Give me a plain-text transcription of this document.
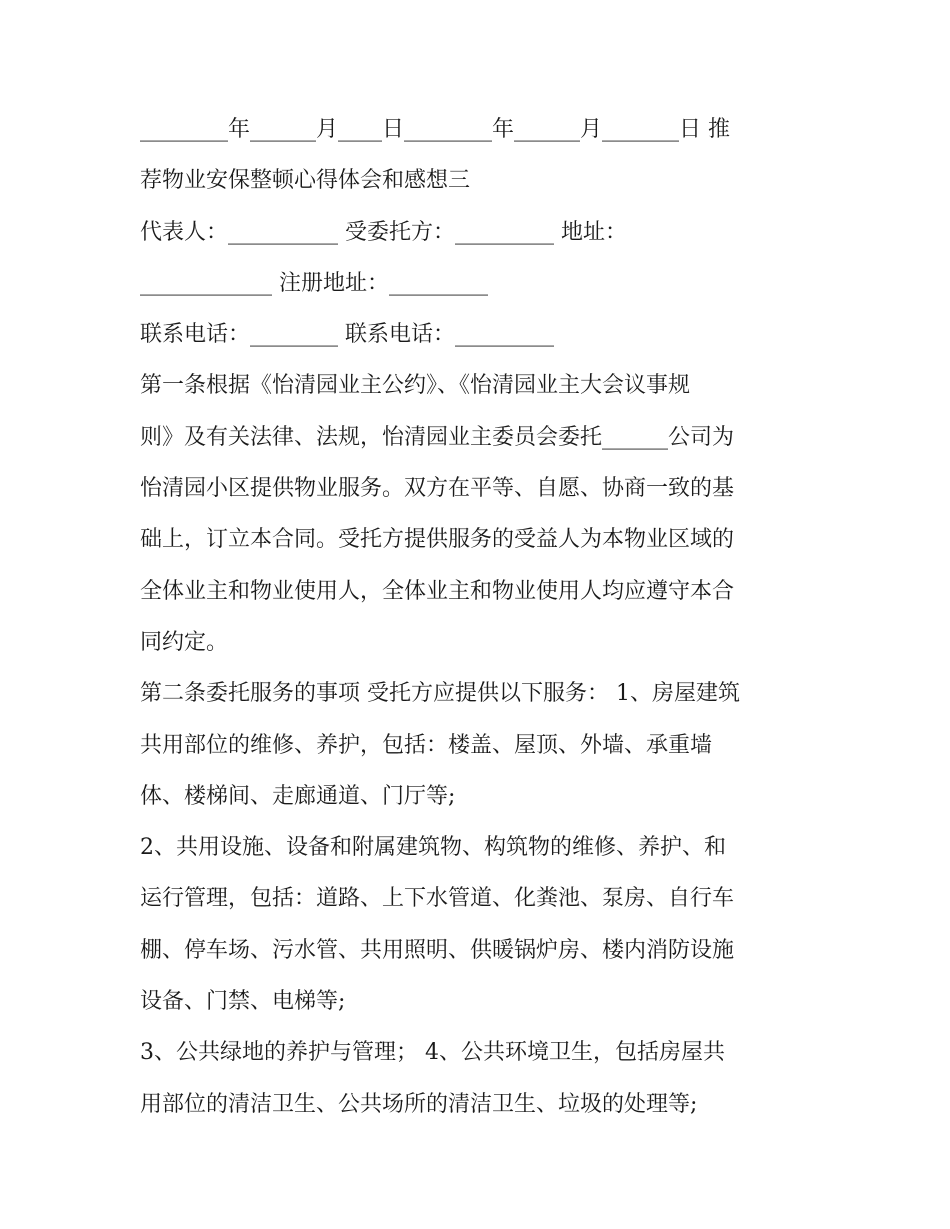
________年______月____日________年______月_______日 推
荐物业安保整顿心得体会和感想三
代表人：__________ 受委托方：_________ 地址：
____________ 注册地址：_________
联系电话：________ 联系电话：_________
第一条根据《怡清园业主公约》、《怡清园业主大会议事规
则》及有关法律、法规，怡清园业主委员会委托______公司为
怡清园小区提供物业服务。双方在平等、自愿、协商一致的基
础上，订立本合同。受托方提供服务的受益人为本物业区域的
全体业主和物业使用人，全体业主和物业使用人均应遵守本合
同约定。
第二条委托服务的事项 受托方应提供以下服务： 1、房屋建筑
共用部位的维修、养护，包括：楼盖、屋顶、外墙、承重墙
体、楼梯间、走廊通道、门厅等;
2、共用设施、设备和附属建筑物、构筑物的维修、养护、和
运行管理，包括：道路、上下水管道、化粪池、泵房、自行车
棚、停车场、污水管、共用照明、供暖锅炉房、楼内消防设施
设备、门禁、电梯等;
3、公共绿地的养护与管理； 4、公共环境卫生，包括房屋共
用部位的清洁卫生、公共场所的清洁卫生、垃圾的处理等;
